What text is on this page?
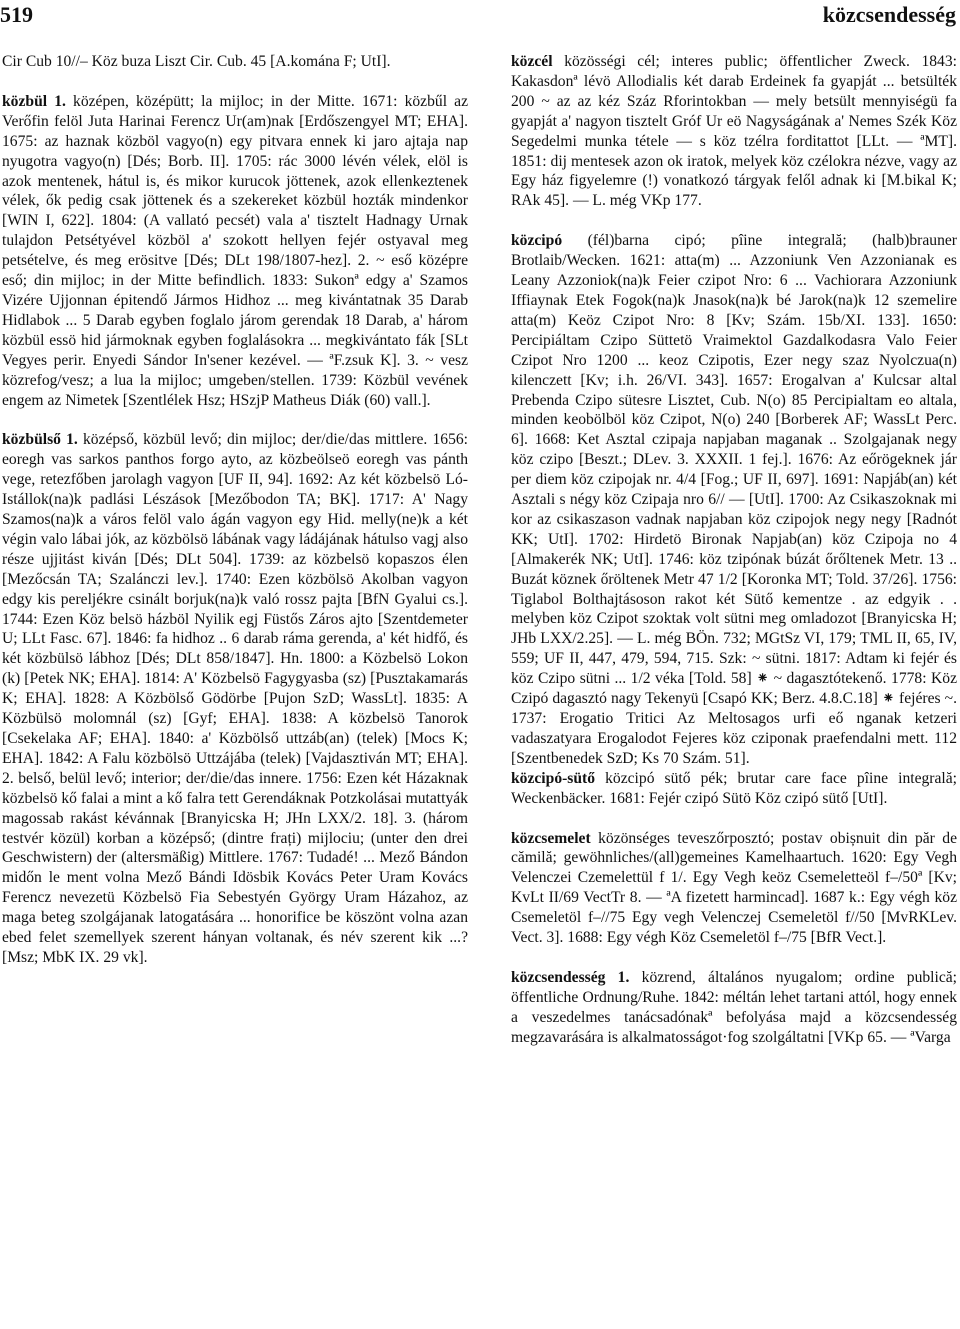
519	közcsendesség

Cir Cub 10//– Köz buza Liszt Cir. Cub. 45 [A.komána F; UtI].

közbül 1. középen, középütt; la mijloc; in der Mitte. 1671: közbűl az Verőfin felöl Juta Harinai Ferencz Ur(am)nak [Erdőszengyel MT; EHA]. 1675: az haznak közböl vagyo(n) egy pitvara ennek ki jaro ajtaja nap nyugotra vagyo(n) [Dés; Borb. II]. 1705: rác 3000 lévén vélek, elöl is azok mentenek, hátul is, és mikor kurucok jöttenek, azok ellenkeztenek vélek, ők pedig csak jöttenek és a szekereket közbül hozták mindenkor [WIN I, 622]. 1804: (A vallató pecsét) vala a' tisztelt Hadnagy Urnak tulajdon Petsétyével közböl a' szokott hellyen fejér ostyaval meg petsételve, és meg erösitve [Dés; DLt 198/1807-hez]. 2. ~ eső középre eső; din mijloc; in der Mitte befindlich. 1833: Sukonª edgy a' Szamos Vizére Ujjonnan épitendő Jármos Hidhoz ... meg kivántatnak 35 Darab Hidlabok ... 5 Darab egyben foglalo járom gerendak 18 Darab, a' három közbül essö hid jármoknak egyben foglalásokra ... megkivántato fák [SLt Vegyes perir. Enyedi Sándor In'sener kezével. — ªF.zsuk K]. 3. ~ vesz közrefog/vesz; a lua la mijloc; umgeben/stellen. 1739: Közbül vevének engem az Nimetek [Szentlélek Hsz; HSzjP Matheus Diák (60) vall.].

közbülső 1. középső, közbül levő; din mijloc; der/die/das mittlere. 1656: eoregh vas sarkos panthos forgo ayto, az közbeölseö eoregh vas pánth vege, retezfőben jarolagh vagyon [UF II, 94]. 1692: Az két közbelsö Ló-Istállok(na)k padlási Lészások [Mezőbodon TA; BK]. 1717: A' Nagy Szamos(na)k a város felöl valo ágán vagyon egy Hid. melly(ne)k a két végin valo lábai jók, az közbölsö lábának vagy ládájának hátulso vagj also része ujjitást kiván [Dés; DLt 504]. 1739: az közbelsö kopaszos élen [Mezőcsán TA; Szalánczi lev.]. 1740: Ezen közbölsö Akolban vagyon edgy kis pereljékre csinált borjuk(na)k való rossz pajta [BfN Gyalui cs.]. 1744: Ezen Köz belsö házböl Nyilik egj Füstős Záros ajto [Szentdemeter U; LLt Fasc. 67]. 1846: fa hidhoz .. 6 darab ráma gerenda, a' két hidfő, és két közbülsö lábhoz [Dés; DLt 858/1847]. Hn. 1800: a Közbelsö Lokon (k) [Petek NK; EHA]. 1814: A' Közbelsö Fagygyasba (sz) [Pusztakamarás K; EHA]. 1828: A Közbölső Gödörbe [Pujon SzD; WassLt]. 1835: A Közbülsö molomnál (sz) [Gyf; EHA]. 1838: A közbelsö Tanorok [Csekelaka AF; EHA]. 1840: a' Közbölső uttzáb(an) (telek) [Mocs K; EHA]. 1842: A Falu közbölsö Uttzájába (telek) [Vajdasztiván MT; EHA]. 2. belső, belül levő; interior; der/die/das innere. 1756: Ezen két Házaknak közbelsö kő falai a mint a kő falra tett Gerendáknak Potzkolásai mutattyák magossab rakást kévánnak [Branyicska H; JHn LXX/2. 18]. 3. (három testvér közül) korban a középső; (dintre frați) mijlociu; (unter den drei Geschwistern) der (altersmäßig) Mittlere. 1767: Tudadé! ... Mező Bándon midőn le ment volna Mező Bándi Idösbik Kovács Peter Uram Kovács Ferencz nevezetü Közbelsö Fia Sebestyén György Uram Házahoz, az maga beteg szolgájanak latogatására ... honorifice be köszönt volna azan ebed felet szemellyek szerent hányan voltanak, és név szerent kik ...? [Msz; MbK IX. 29 vk].

közcél közösségi cél; interes public; öffentlicher Zweck. 1843: Kakasdonª lévö Allodialis két darab Erdeinek fa gyapját ... betsülték 200 ~ az az kéz Száz Rforintokban — mely betsült mennyiségü fa gyapját a' nagyon tisztelt Gróf Ur eö Nagyságának a' Nemes Szék Köz Segedelmi munka tétele — s köz tzélra forditattot [LLt. — ªMT]. 1851: dij mentesek azon ok iratok, melyek köz czélokra nézve, vagy az Egy ház figyelemre (!) vonatkozó tárgyak felől adnak ki [M.bikal K; RAk 45]. — L. még VKp 177.

közcipó (fél)barna cipó; pîine integrală; (halb)brauner Brotlaib/Wecken. 1621: atta(m) ... Azzoniunk Ven Azzonianak es Leany Azzoniok(na)k Feier czipot Nro: 6 ... Vachiorara Azzoniunk Iffiaynak Etek Fogok(na)k Jnasok(na)k bé Jarok(na)k 12 szemelire atta(m) Keöz Czipot Nro: 8 [Kv; Szám. 15b/XI. 133]. 1650: Percipiáltam Czipo Süttetö Vraimektol Gazdalkodasra Valo Feier Czipot Nro 1200 ... keoz Czipotis, Ezer negy szaz Nyolczua(n) kilenczett [Kv; i.h. 26/VI. 343]. 1657: Erogalvan a' Kulcsar altal Prebenda Czipo sütesre Lisztet, Cub. N(o) 85 Percipialtam eo altala, minden keobölböl köz Czipot, N(o) 240 [Borberek AF; WassLt Perc. 6]. 1668: Ket Asztal czipaja napjaban maganak .. Szolgajanak negy köz czipo [Beszt.; DLev. 3. XXXII. 1 fej.]. 1676: Az eőrögeknek jár per diem köz czipojak nr. 4/4 [Fog.; UF II, 697]. 1691: Napjáb(an) két Asztali s négy köz Czipaja nro 6// — [UtI]. 1700: Az Csikaszoknak mi kor az csikaszason vadnak napjaban köz czipojok negy negy [Radnót KK; UtI]. 1702: Hirdetö Bironak Napjab(an) köz Czipoja no 4 [Almakerék NK; UtI]. 1746: köz tzipónak búzát őrőltenek Metr. 13 .. Buzát köznek őröltenek Metr 47 1/2 [Koronka MT; Told. 37/26]. 1756: Tiglabol Bolthajtásoson rakot két Sütő kementze . az edgyik . . melyben köz Czipot szoktak volt sütni meg omladozot [Branyicska H; JHb LXX/2.25]. — L. még BÖn. 732; MGtSz VI, 179; TML II, 65, IV, 559; UF II, 447, 479, 594, 715. Szk: ~ sütni. 1817: Adtam ki fejér és köz Czipo sütni ... 1/2 véka [Told. 58] ⁕ ~ dagasztótekenő. 1778: Köz Czipó dagasztó nagy Tekenyü [Csapó KK; Berz. 4.8.C.18] ⁕ fejéres ~. 1737: Erogatio Tritici Az Meltosagos urfi eő nganak ketzeri vadaszatyara Erogalodot Fejeres köz cziponak praefendalni mett. 112 [Szentbenedek SzD; Ks 70 Szám. 51].

közcipó-sütő közcipó sütő pék; brutar care face pîine integrală; Weckenbäcker. 1681: Fejér czipó Sütö Köz czipó sütő [UtI].

közcsemelet közönséges teveszőrposztó; postav obișnuit din păr de cămilă; gewöhnliches/(all)gemeines Kamelhaartuch. 1620: Egy Vegh Velenczei Czemelettül f 1/. Egy Vegh keöz Csemeletteöl f–/50ª [Kv; KvLt II/69 VectTr 8. — ªA fizetett harmincad]. 1687 k.: Egy végh köz Csemeletöl f–//75 Egy vegh Velenczej Csemeletöl f//50 [MvRKLev. Vect. 3]. 1688: Egy végh Köz Csemeletöl f–/75 [BfR Vect.].

közcsendesség 1. közrend, általános nyugalom; ordine publică; öffentliche Ordnung/Ruhe. 1842: méltán lehet tartani attól, hogy ennek a veszedelmes tanácsadónakª befolyása majd a közcsendesség megzavarására is alkalmatosságot·fog szolgáltatni [VKp 65. — ªVarga
